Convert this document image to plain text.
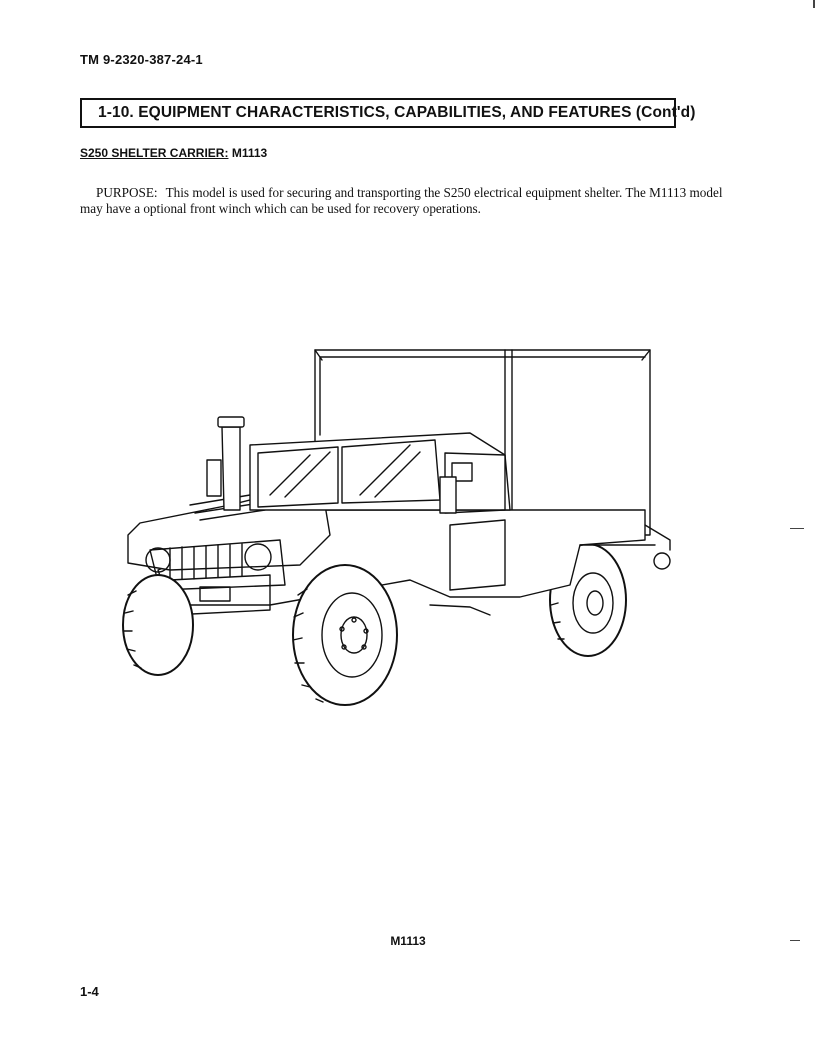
TM 9-2320-387-24-1
1-10. EQUIPMENT CHARACTERISTICS, CAPABILITIES, AND FEATURES (Cont'd)
S250 SHELTER CARRIER: M1113
PURPOSE: This model is used for securing and transporting the S250 electrical equipment shelter. The M1113 model may have a optional front winch which can be used for recovery operations.
M1113
1-4
